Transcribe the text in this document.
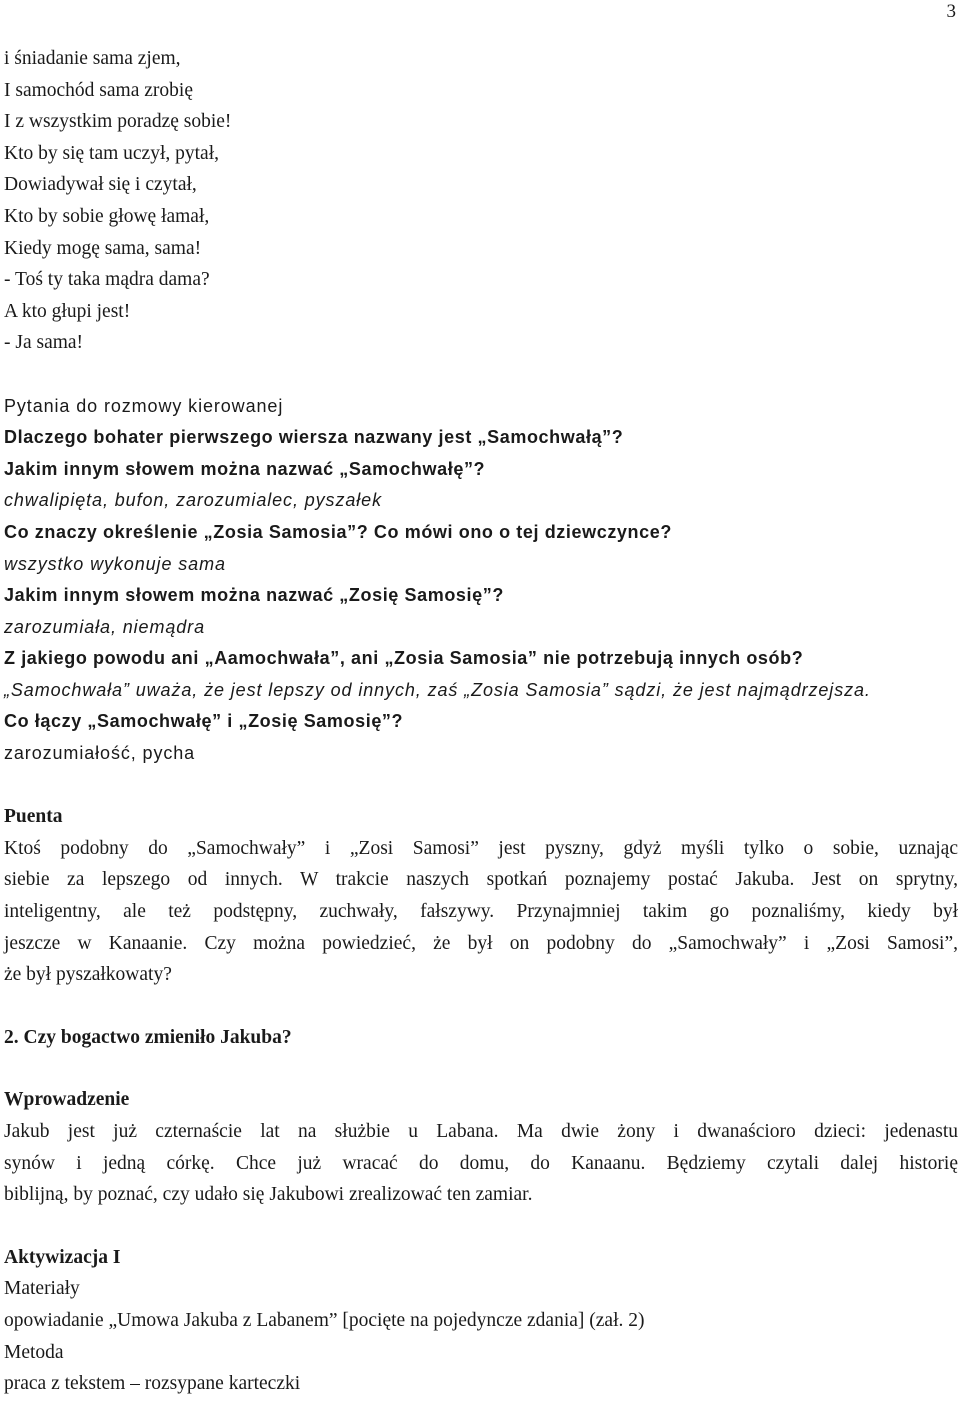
3

i śniadanie sama zjem,

I samochód sama zrobię

I z wszystkim poradzę sobie!

Kto by się tam uczył, pytał,

Dowiadywał się i czytał,

Kto by sobie głowę łamał,

Kiedy mogę sama, sama!

- Toś ty taka mądra dama?

A kto głupi jest!

- Ja sama!

Pytania do rozmowy kierowanej

Dlaczego bohater pierwszego wiersza nazwany jest „Samochwałą”?

Jakim innym słowem można nazwać „Samochwałę”?

chwalipięta, bufon, zarozumialec, pyszałek

Co znaczy określenie „Zosia Samosia”? Co mówi ono o tej dziewczynce?

wszystko wykonuje sama

Jakim innym słowem można nazwać „Zosię Samosię”?

zarozumiała, niemądra

Z jakiego powodu ani „Aamochwała”, ani „Zosia Samosia” nie potrzebują innych osób?

„Samochwała” uważa, że jest lepszy od innych, zaś „Zosia Samosia” sądzi, że jest najmądrzejsza.

Co łączy „Samochwałę” i „Zosię Samosię”?

zarozumiałość, pycha

Puenta

Ktoś podobny do „Samochwały” i „Zosi Samosi” jest pyszny, gdyż myśli tylko o sobie, uznając

siebie za lepszego od innych. W trakcie naszych spotkań poznajemy postać Jakuba. Jest on sprytny,

inteligentny, ale też podstępny, zuchwały, fałszywy. Przynajmniej takim go poznaliśmy, kiedy był

jeszcze w Kanaanie. Czy można powiedzieć, że był on podobny do „Samochwały” i „Zosi Samosi”,

że był pyszałkowaty?

2. Czy bogactwo zmieniło Jakuba?

Wprowadzenie

Jakub jest już czternaście lat na służbie u Labana. Ma dwie żony i dwanaścioro dzieci: jedenastu

synów i jedną córkę. Chce już wracać do domu, do Kanaanu. Będziemy czytali dalej historię

biblijną, by poznać, czy udało się Jakubowi zrealizować ten zamiar.

Aktywizacja I

Materiały

opowiadanie „Umowa Jakuba z Labanem” [pocięte na pojedyncze zdania] (zał. 2)

Metoda

praca z tekstem – rozsypane karteczki
